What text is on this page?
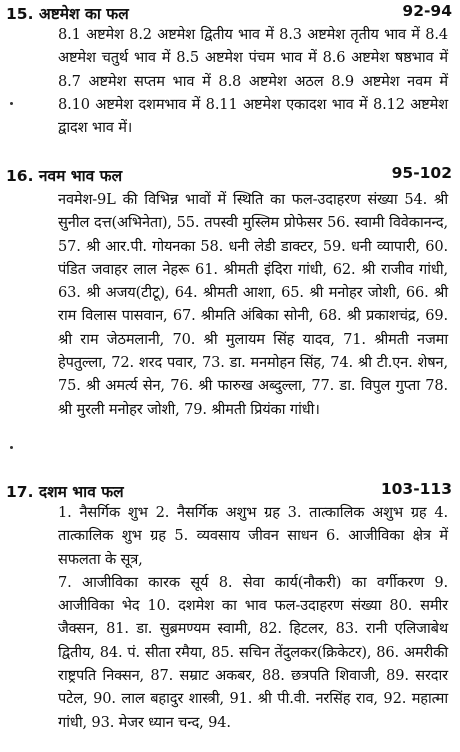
15. अष्टमेश का फल	92-94
8.1 अष्टमेश 8.2 अष्टमेश द्वितीय भाव में 8.3 अष्टमेश तृतीय भाव में 8.4 अष्टमेश चतुर्थ भाव में 8.5 अष्टमेश पंचम भाव में 8.6 अष्टमेश षष्ठभाव में 8.7 अष्टमेश सप्तम भाव में 8.8 अष्टमेश अठल 8.9 अष्टमेश नवम में 8.10 अष्टमेश दशमभाव में 8.11 अष्टमेश एकादश भाव में 8.12 अष्टमेश द्वादश भाव में।
16. नवम भाव फल	95-102
नवमेश-9L की विभिन्न भावों में स्थिति का फल-उदाहरण संख्या 54. श्री सुनील दत्त(अभिनेता), 55. तपस्वी मुस्लिम प्रोफेसर 56. स्वामी विवेकानन्द, 57. श्री आर.पी. गोयनका 58. धनी लेडी डाक्टर, 59. धनी व्यापारी, 60. पंडित जवाहर लाल नेहरू 61. श्रीमती इंदिरा गांधी, 62. श्री राजीव गांधी, 63. श्री अजय(टीटू), 64. श्रीमती आशा, 65. श्री मनोहर जोशी, 66. श्री राम विलास पासवान, 67. श्रीमति अंबिका सोनी, 68. श्री प्रकाशचंद्र, 69. श्री राम जेठमलानी, 70. श्री मुलायम सिंह यादव, 71. श्रीमती नजमा हेपतुल्ला, 72. शरद पवार, 73. डा. मनमोहन सिंह, 74. श्री टी.एन. शेषन, 75. श्री अमर्त्य सेन, 76. श्री फारुख अब्दुल्ला, 77. डा. विपुल गुप्ता 78. श्री मुरली मनोहर जोशी, 79. श्रीमती प्रियंका गांधी।
17. दशम भाव फल	103-113
1. नैसर्गिक शुभ 2. नैसर्गिक अशुभ ग्रह 3. तात्कालिक अशुभ ग्रह 4. तात्कालिक शुभ ग्रह 5. व्यवसाय जीवन साधन 6. आजीविका क्षेत्र में सफलता के सूत्र,
7. आजीविका कारक सूर्य 8. सेवा कार्य(नौकरी) का वर्गीकरण 9. आजीविका भेद 10. दशमेश का भाव फल-उदाहरण संख्या 80. समीर जैक्सन, 81. डा. सुब्रमण्यम स्वामी, 82. हिटलर, 83. रानी एलिजाबेथ द्वितीय, 84. पं. सीता रमैया, 85. सचिन तेंदुलकर(क्रिकेटर), 86. अमरीकी राष्ट्रपति निक्सन, 87. सम्राट अकबर, 88. छत्रपति शिवाजी, 89. सरदार पटेल, 90. लाल बहादुर शास्त्री, 91. श्री पी.वी. नरसिंह राव, 92. महात्मा गांधी, 93. मेजर ध्यान चन्द, 94.
